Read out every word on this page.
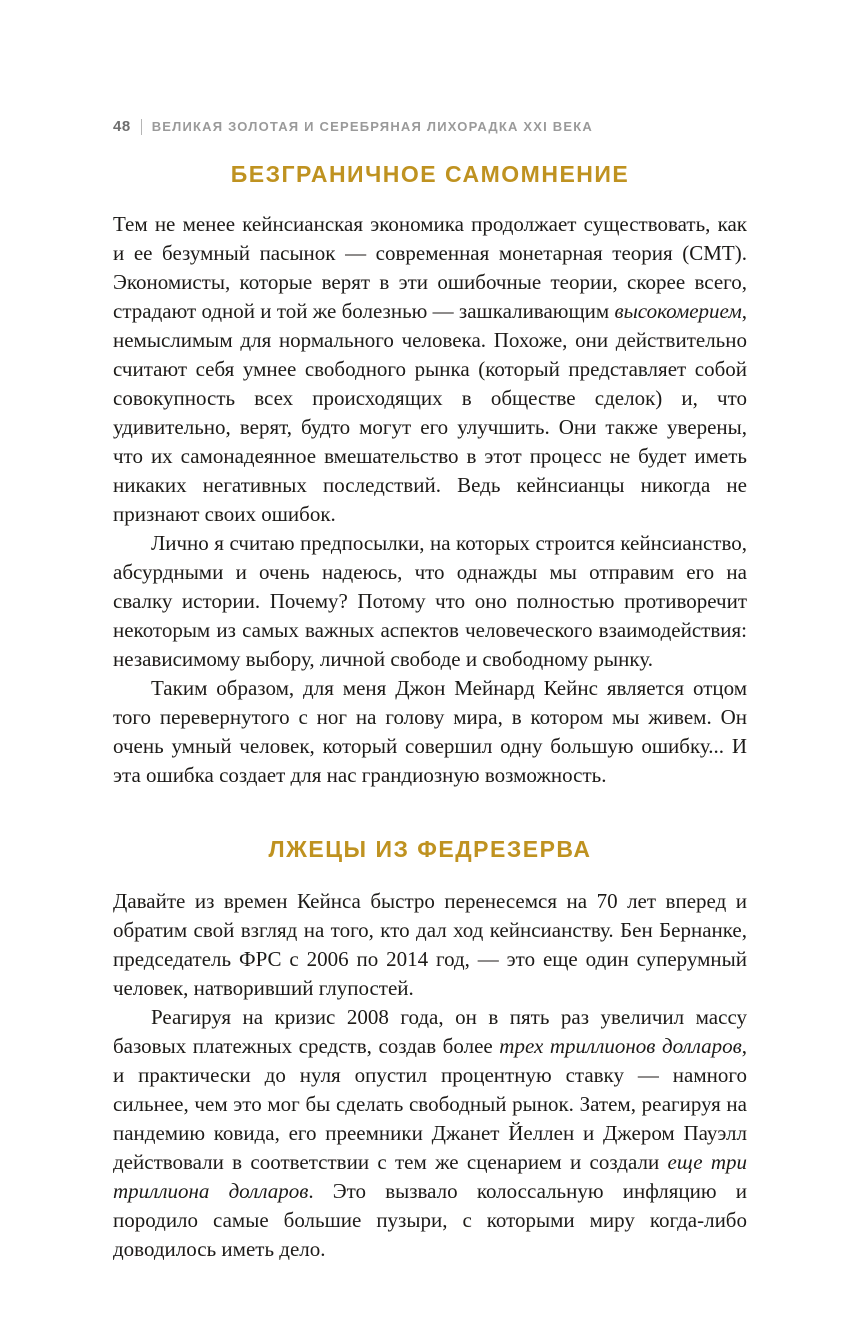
48 ВЕЛИКАЯ ЗОЛОТАЯ И СЕРЕБРЯНАЯ ЛИХОРАДКА XXI ВЕКА
БЕЗГРАНИЧНОЕ САМОМНЕНИЕ

Тем не менее кейнсианская экономика продолжает существовать, как и ее безумный пасынок — современная монетарная теория (СМТ). Экономисты, которые верят в эти ошибочные теории, скорее всего, страдают одной и той же болезнью — зашкаливающим высокомерием, немыслимым для нормального человека. Похоже, они действительно считают себя умнее свободного рынка (который представляет собой совокупность всех происходящих в обществе сделок) и, что удивительно, верят, будто могут его улучшить. Они также уверены, что их самонадеянное вмешательство в этот процесс не будет иметь никаких негативных последствий. Ведь кейнсианцы никогда не признают своих ошибок.

Лично я считаю предпосылки, на которых строится кейнсианство, абсурдными и очень надеюсь, что однажды мы отправим его на свалку истории. Почему? Потому что оно полностью противоречит некоторым из самых важных аспектов человеческого взаимодействия: независимому выбору, личной свободе и свободному рынку.

Таким образом, для меня Джон Мейнард Кейнс является отцом того перевернутого с ног на голову мира, в котором мы живем. Он очень умный человек, который совершил одну большую ошибку... И эта ошибка создает для нас грандиозную возможность.

ЛЖЕЦЫ ИЗ ФЕДРЕЗЕРВА

Давайте из времен Кейнса быстро перенесемся на 70 лет вперед и обратим свой взгляд на того, кто дал ход кейнсианству. Бен Бернанке, председатель ФРС с 2006 по 2014 год, — это еще один суперумный человек, натворивший глупостей.

Реагируя на кризис 2008 года, он в пять раз увеличил массу базовых платежных средств, создав более трех триллионов долларов, и практически до нуля опустил процентную ставку — намного сильнее, чем это мог бы сделать свободный рынок. Затем, реагируя на пандемию ковида, его преемники Джанет Йеллен и Джером Пауэлл действовали в соответствии с тем же сценарием и создали еще три триллиона долларов. Это вызвало колоссальную инфляцию и породило самые большие пузыри, с которыми миру когда-либо доводилось иметь дело.
